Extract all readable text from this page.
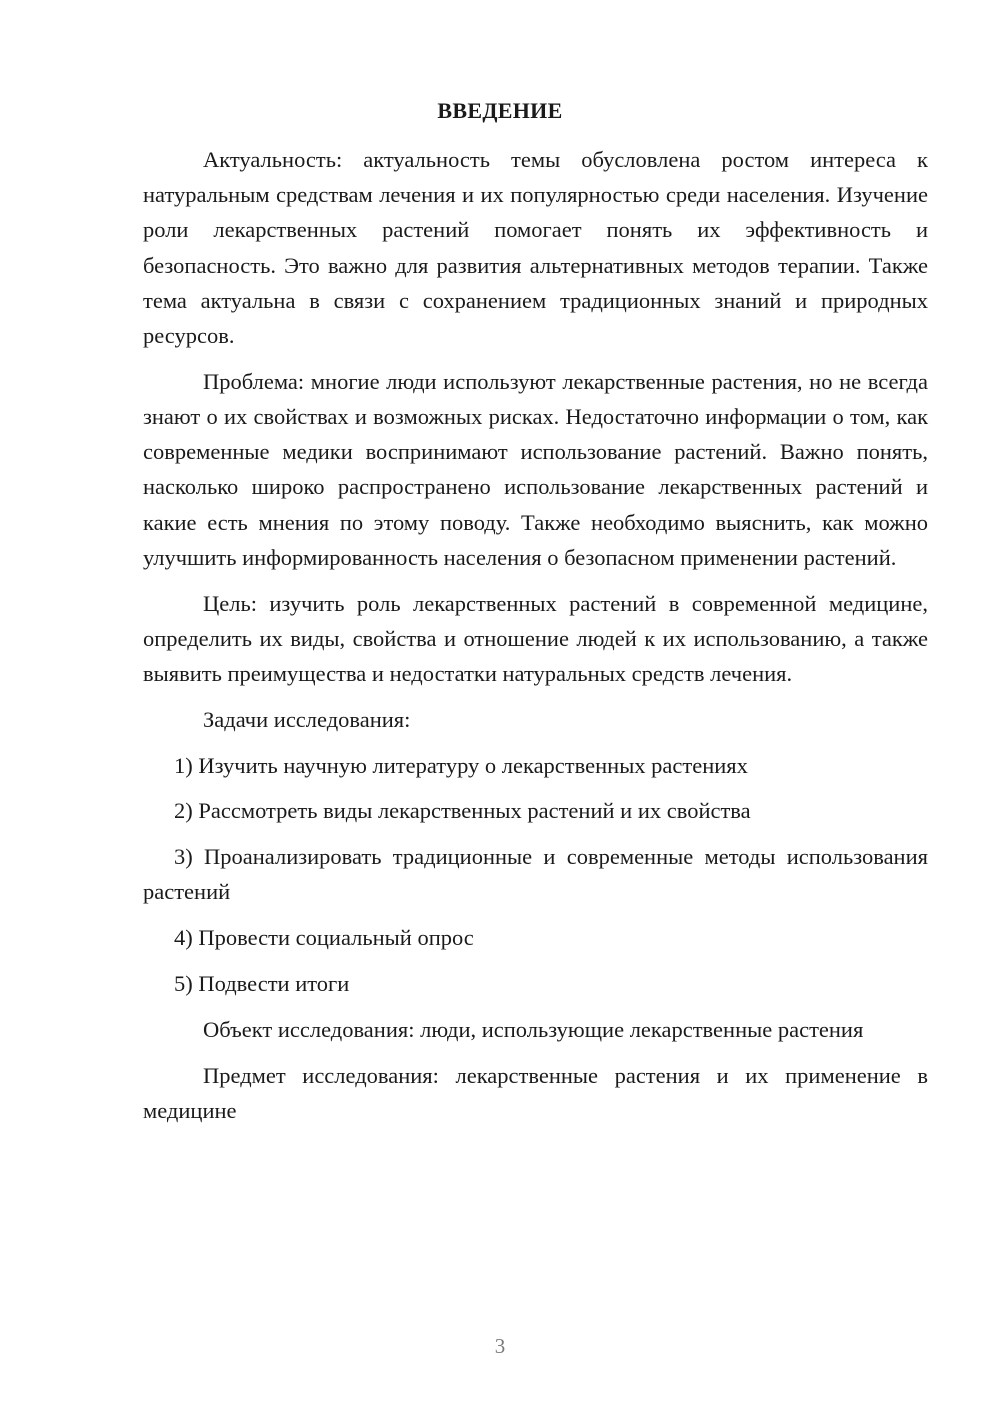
ВВЕДЕНИЕ

Актуальность: актуальность темы обусловлена ростом интереса к натуральным средствам лечения и их популярностью среди населения. Изучение роли лекарственных растений помогает понять их эффективность и безопасность. Это важно для развития альтернативных методов терапии. Также тема актуальна в связи с сохранением традиционных знаний и природных ресурсов.

Проблема: многие люди используют лекарственные растения, но не всегда знают о их свойствах и возможных рисках. Недостаточно информации о том, как современные медики воспринимают использование растений. Важно понять, насколько широко распространено использование лекарственных растений и какие есть мнения по этому поводу. Также необходимо выяснить, как можно улучшить информированность населения о безопасном применении растений.

Цель: изучить роль лекарственных растений в современной медицине, определить их виды, свойства и отношение людей к их использованию, а также выявить преимущества и недостатки натуральных средств лечения.

Задачи исследования:

1) Изучить научную литературу о лекарственных растениях

2) Рассмотреть виды лекарственных растений и их свойства

3) Проанализировать традиционные и современные методы использования растений

4) Провести социальный опрос

5) Подвести итоги

Объект исследования: люди, использующие лекарственные растения

Предмет исследования: лекарственные растения и их применение в медицине

3
